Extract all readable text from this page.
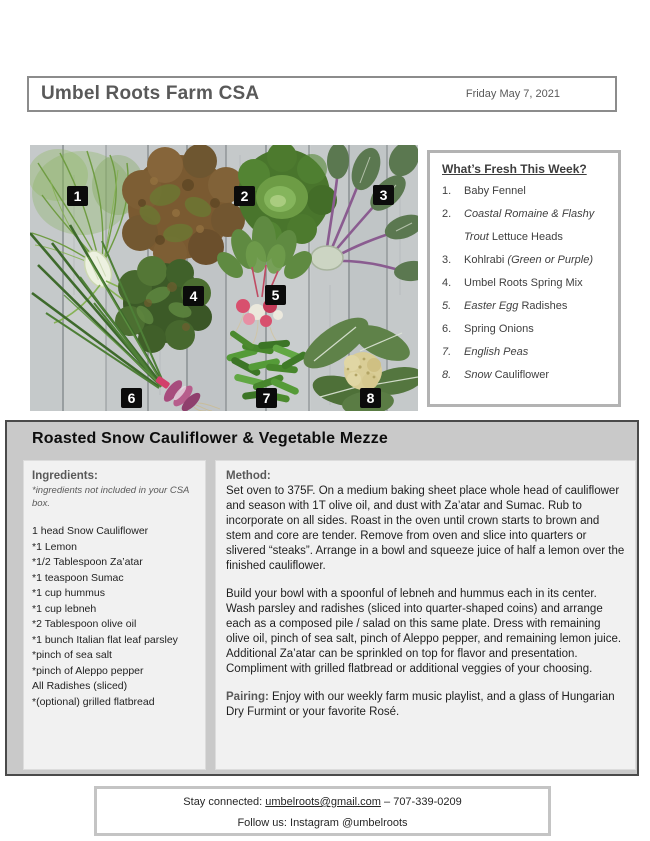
Umbel Roots Farm CSA	Friday May 7, 2021
1	2	3
4	5
6	7	8
What’s Fresh This Week?
1.	Baby Fennel
2.	Coastal Romaine & Flashy Trout Lettuce Heads
3.	Kohlrabi (Green or Purple)
4.	Umbel Roots Spring Mix
5.	Easter Egg Radishes
6.	Spring Onions
7.	English Peas
8.	Snow Cauliflower
Roasted Snow Cauliflower & Vegetable Mezze
Ingredients:
*ingredients not included in your CSA box.
1 head Snow Cauliflower
*1 Lemon
*1/2 Tablespoon Za’atar
*1 teaspoon Sumac
*1 cup hummus
*1 cup lebneh
*2 Tablespoon olive oil
*1 bunch Italian flat leaf parsley
*pinch of sea salt
*pinch of Aleppo pepper
All Radishes (sliced)
*(optional) grilled flatbread
Method:

Set oven to 375F. On a medium baking sheet place whole head of cauliflower and season with 1T olive oil, and dust with Za’atar and Sumac. Rub to incorporate on all sides. Roast in the oven until crown starts to brown and stem and core are tender. Remove from oven and slice into quarters or slivered “steaks”. Arrange in a bowl and squeeze juice of half a lemon over the finished cauliflower.

Build your bowl with a spoonful of lebneh and hummus each in its center. Wash parsley and radishes (sliced into quarter-shaped coins) and arrange each as a composed pile / salad on this same plate. Dress with remaining olive oil, pinch of sea salt, pinch of Aleppo pepper, and remaining lemon juice.
Additional Za’atar can be sprinkled on top for flavor and presentation.
Compliment with grilled flatbread or additional veggies of your choosing.

Pairing: Enjoy with our weekly farm music playlist, and a glass of Hungarian Dry Furmint or your favorite Rosé.

Stay connected: umbelroots@gmail.com – 707-339-0209
Follow us: Instagram @umbelroots
